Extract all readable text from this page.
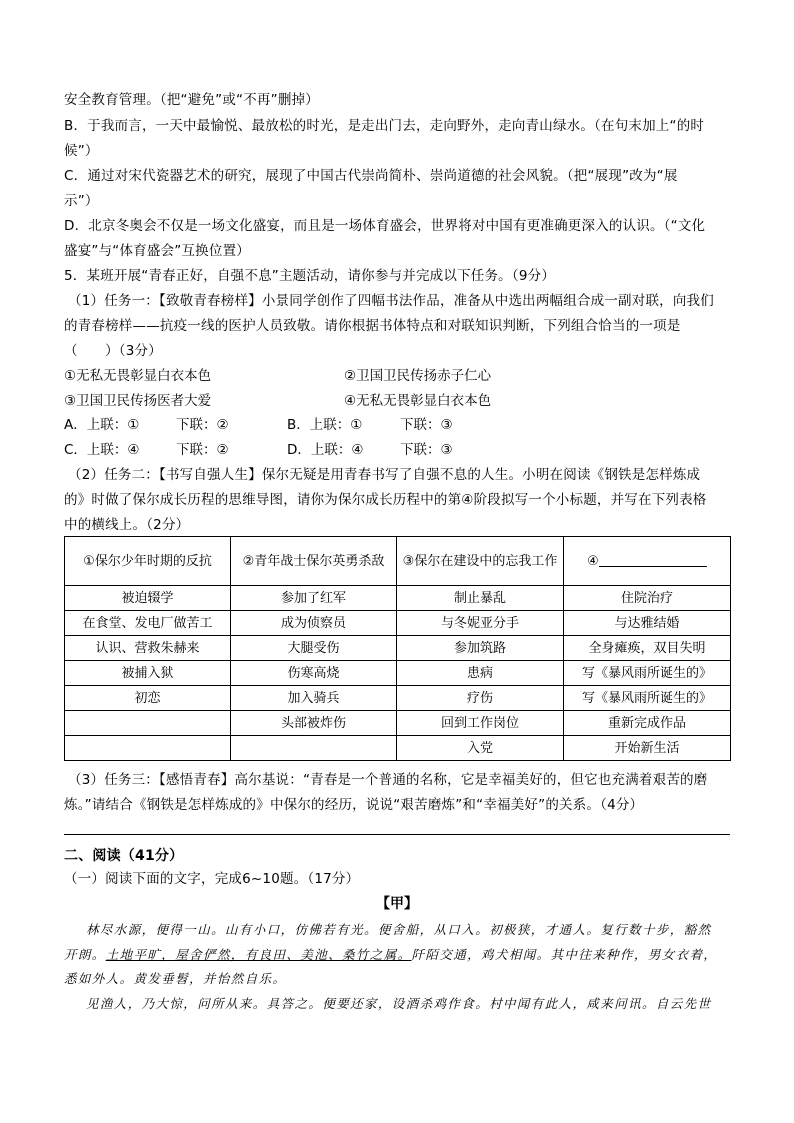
安全教育管理。（把“避免”或“不再”删掉）
B．于我而言，一天中最愉悦、最放松的时光，是走出门去，走向野外，走向青山绿水。（在句末加上“的时
候”）
C．通过对宋代瓷器艺术的研究，展现了中国古代崇尚简朴、崇尚道德的社会风貌。（把“展现”改为“展
示”）
D．北京冬奥会不仅是一场文化盛宴，而且是一场体育盛会，世界将对中国有更准确更深入的认识。（“文化
盛宴”与“体育盛会”互换位置）
5．某班开展“青春正好，自强不息”主题活动，请你参与并完成以下任务。（9分）
（1）任务一：【致敬青春榜样】小景同学创作了四幅书法作品，准备从中选出两幅组合成一副对联，向我们
的青春榜样——抗疫一线的医护人员致敬。请你根据书体特点和对联知识判断，下列组合恰当的一项是
（　　）（3分）
①无私无畏彰显白衣本色	②卫国卫民传扬赤子仁心
③卫国卫民传扬医者大爱	④无私无畏彰显白衣本色
A．上联：①	下联：②	B．上联：①	下联：③
C．上联：④	下联：②	D．上联：④	下联：③
（2）任务二：【书写自强人生】保尔无疑是用青春书写了自强不息的人生。小明在阅读《钢铁是怎样炼成
的》时做了保尔成长历程的思维导图，请你为保尔成长历程中的第④阶段拟写一个小标题，并写在下列表格
中的横线上。（2分）
①保尔少年时期的反抗	②青年战士保尔英勇杀敌	③保尔在建设中的忘我工作	④
被迫辍学	参加了红军	制止暴乱	住院治疗
在食堂、发电厂做苦工	成为侦察员	与冬妮亚分手	与达雅结婚
认识、营救朱赫来	大腿受伤	参加筑路	全身瘫痪，双目失明
被捕入狱	伤寒高烧	患病	写《暴风雨所诞生的》
初恋	加入骑兵	疗伤	写《暴风雨所诞生的》
	头部被炸伤	回到工作岗位	重新完成作品
		入党	开始新生活
（3）任务三：【感悟青春】高尔基说：“青春是一个普通的名称，它是幸福美好的，但它也充满着艰苦的磨
炼。”请结合《钢铁是怎样炼成的》中保尔的经历，说说“艰苦磨炼”和“幸福美好”的关系。（4分）
二、阅读（41分）
（一）阅读下面的文字，完成6~10题。（17分）
【甲】
林尽水源，便得一山。山有小口，仿佛若有光。便舍船，从口入。初极狭，才通人。复行数十步，豁然
开朗。土地平旷，屋舍俨然，有良田、美池、桑竹之属。阡陌交通，鸡犬相闻。其中往来种作，男女衣着，
悉如外人。黄发垂髫，并怡然自乐。
见渔人，乃大惊，问所从来。具答之。便要还家，设酒杀鸡作食。村中闻有此人，咸来问讯。自云先世
